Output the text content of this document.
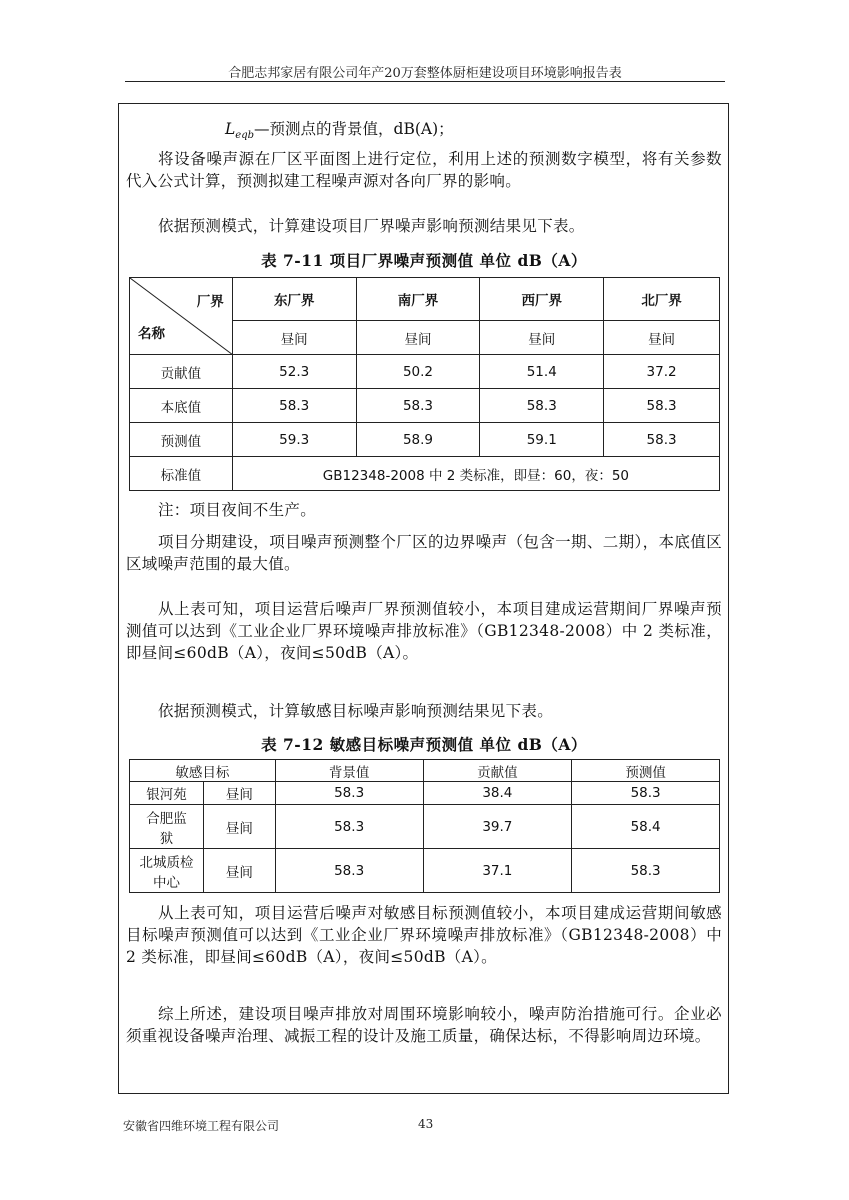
合肥志邦家居有限公司年产20万套整体厨柜建设项目环境影响报告表
$L_{eqb}—$预测点的背景值，dB(A)；
将设备噪声源在厂区平面图上进行定位，利用上述的预测数字模型，将有关参数代入公式计算，预测拟建工程噪声源对各向厂界的影响。
依据预测模式，计算建设项目厂界噪声影响预测结果见下表。
表 7-11 项目厂界噪声预测值 单位 dB（A）
厂界
名称	东厂界	南厂界	西厂界	北厂界
	昼间	昼间	昼间	昼间
贡献值	52.3	50.2	51.4	37.2
本底值	58.3	58.3	58.3	58.3
预测值	59.3	58.9	59.1	58.3
标准值	GB12348-2008 中 2 类标准，即昼：60，夜：50			
注：项目夜间不生产。
项目分期建设，项目噪声预测整个厂区的边界噪声（包含一期、二期），本底值区区域噪声范围的最大值。
从上表可知，项目运营后噪声厂界预测值较小，本项目建成运营期间厂界噪声预测值可以达到《工业企业厂界环境噪声排放标准》（GB12348-2008）中 2 类标准，即昼间≤60dB（A），夜间≤50dB（A）。
依据预测模式，计算敏感目标噪声影响预测结果见下表。
表 7-12 敏感目标噪声预测值 单位 dB（A）
敏感目标		背景值	贡献值	预测值
银河苑	昼间	58.3	38.4	58.3
合肥监狱	昼间	58.3	39.7	58.4
北城质检中心	昼间	58.3	37.1	58.3
从上表可知，项目运营后噪声对敏感目标预测值较小，本项目建成运营期间敏感目标噪声预测值可以达到《工业企业厂界环境噪声排放标准》（GB12348-2008）中 2 类标准，即昼间≤60dB（A），夜间≤50dB（A）。
综上所述，建设项目噪声排放对周围环境影响较小，噪声防治措施可行。企业必须重视设备噪声治理、减振工程的设计及施工质量，确保达标，不得影响周边环境。
安徽省四维环境工程有限公司	43
